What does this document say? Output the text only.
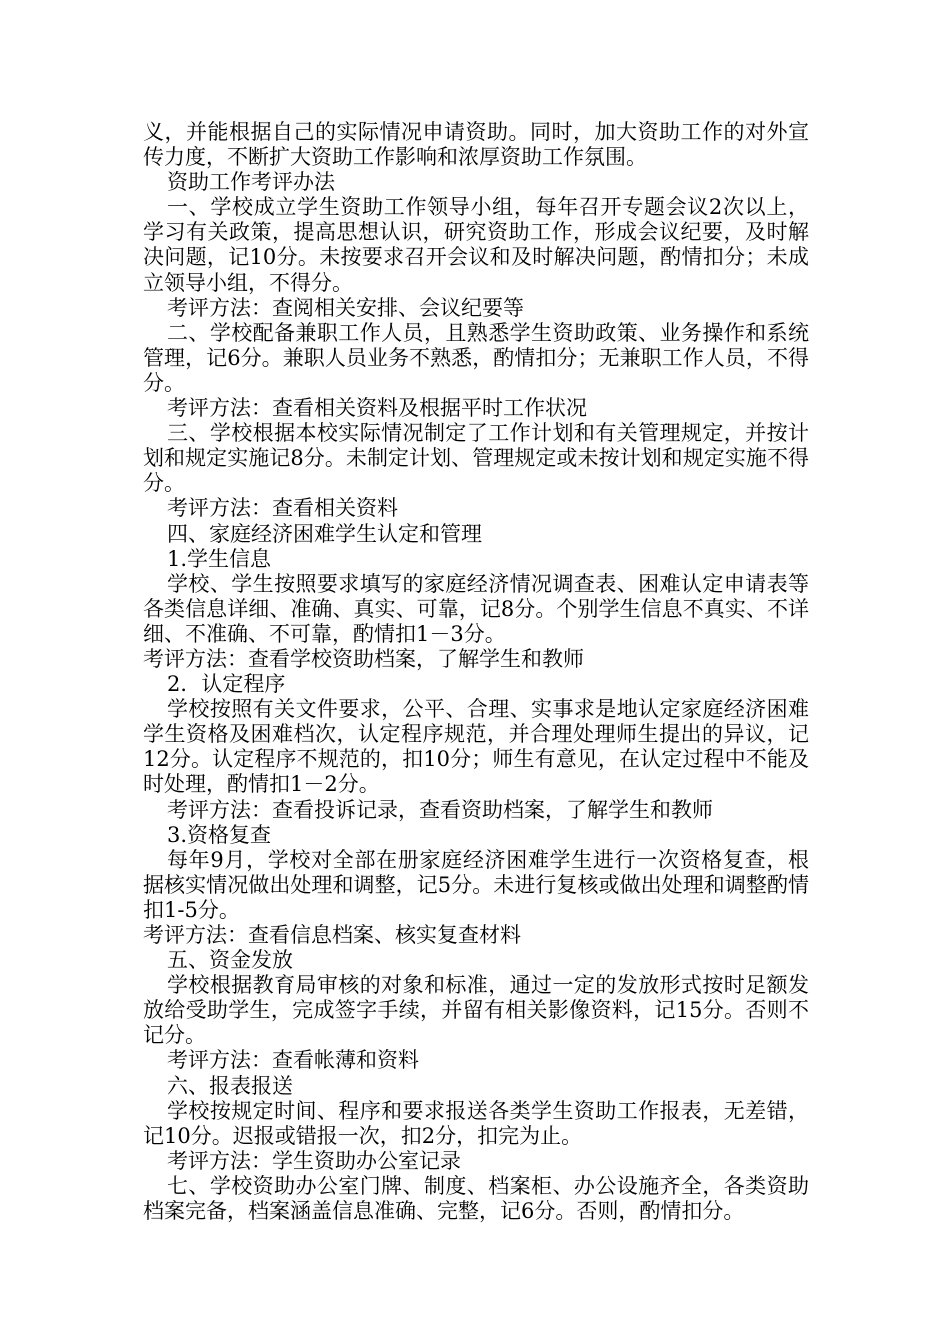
义，并能根据自己的实际情况申请资助。同时，加大资助工作的对外宣传力度，不断扩大资助工作影响和浓厚资助工作氛围。

资助工作考评办法

一、学校成立学生资助工作领导小组，每年召开专题会议2次以上，学习有关政策，提高思想认识，研究资助工作，形成会议纪要，及时解决问题，记10分。未按要求召开会议和及时解决问题，酌情扣分；未成立领导小组，不得分。

考评方法：查阅相关安排、会议纪要等

二、学校配备兼职工作人员，且熟悉学生资助政策、业务操作和系统管理，记6分。兼职人员业务不熟悉，酌情扣分；无兼职工作人员，不得分。

考评方法：查看相关资料及根据平时工作状况

三、学校根据本校实际情况制定了工作计划和有关管理规定，并按计划和规定实施记8分。未制定计划、管理规定或未按计划和规定实施不得分。

考评方法：查看相关资料

四、家庭经济困难学生认定和管理

1.学生信息

学校、学生按照要求填写的家庭经济情况调查表、困难认定申请表等各类信息详细、准确、真实、可靠，记8分。个别学生信息不真实、不详细、不准确、不可靠，酌情扣1－3分。

考评方法：查看学校资助档案，了解学生和教师

2．认定程序

学校按照有关文件要求，公平、合理、实事求是地认定家庭经济困难学生资格及困难档次，认定程序规范，并合理处理师生提出的异议，记12分。认定程序不规范的，扣10分；师生有意见，在认定过程中不能及时处理，酌情扣1－2分。

考评方法：查看投诉记录，查看资助档案，了解学生和教师

3.资格复查

每年9月，学校对全部在册家庭经济困难学生进行一次资格复查，根据核实情况做出处理和调整，记5分。未进行复核或做出处理和调整酌情扣1-5分。

考评方法：查看信息档案、核实复查材料

五、资金发放

学校根据教育局审核的对象和标准，通过一定的发放形式按时足额发放给受助学生，完成签字手续，并留有相关影像资料，记15分。否则不记分。

考评方法：查看帐薄和资料

六、报表报送

学校按规定时间、程序和要求报送各类学生资助工作报表，无差错，记10分。迟报或错报一次，扣2分，扣完为止。

考评方法：学生资助办公室记录

七、学校资助办公室门牌、制度、档案柜、办公设施齐全，各类资助档案完备，档案涵盖信息准确、完整，记6分。否则，酌情扣分。
